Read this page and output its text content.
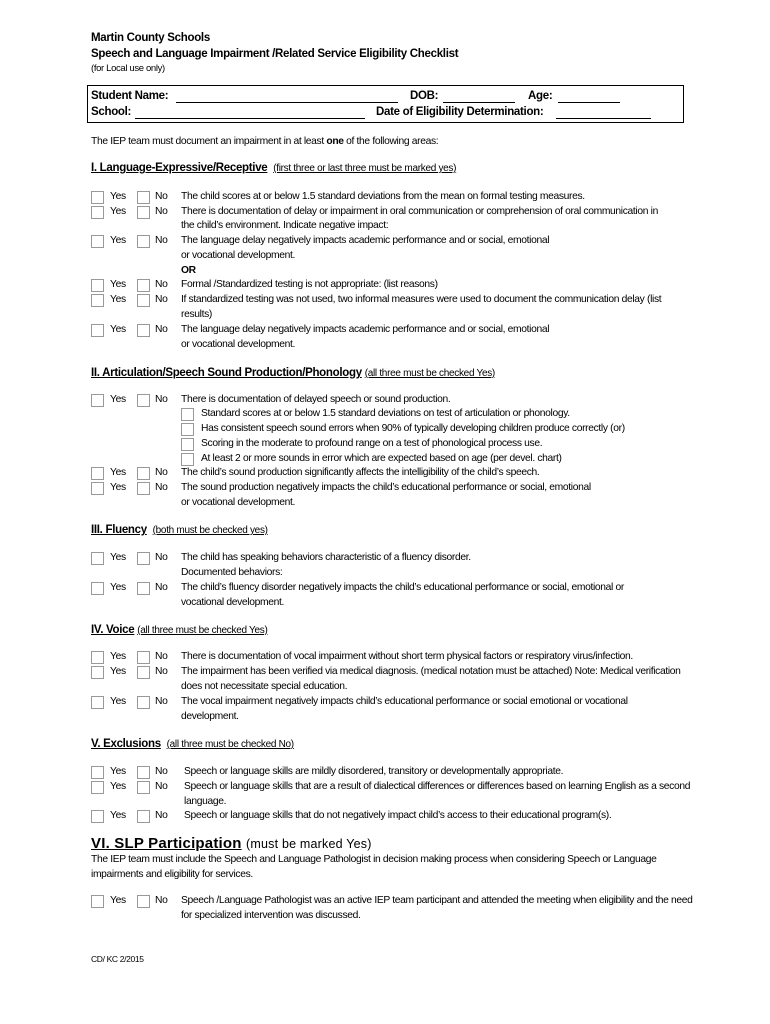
Martin County Schools
Speech and Language Impairment /Related Service Eligibility Checklist
(for Local use only)
Student Name:	DOB:	Age:
School:	Date of Eligibility Determination:
The IEP team must document an impairment in at least one of the following areas:
I. Language-Expressive/Receptive (first three or last three must be marked yes)
Yes	No The child scores at or below 1.5 standard deviations from the mean on formal testing measures.
Yes	No There is documentation of delay or impairment in oral communication or comprehension of oral communication in
the child’s environment. Indicate negative impact:
Yes	No The language delay negatively impacts academic performance and or social, emotional
or vocational development.
OR
Yes	No Formal /Standardized testing is not appropriate: (list reasons)
Yes	No If standardized testing was not used, two informal measures were used to document the communication delay (list
results)
Yes	No The language delay negatively impacts academic performance and or social, emotional
or vocational development.
II. Articulation/Speech Sound Production/Phonology (all three must be checked Yes)
Yes	No There is documentation of delayed speech or sound production.
Standard scores at or below 1.5 standard deviations on test of articulation or phonology.
Has consistent speech sound errors when 90% of typically developing children produce correctly (or)
Scoring in the moderate to profound range on a test of phonological process use.
At least 2 or more sounds in error which are expected based on age (per devel. chart)
Yes	No The child’s sound production significantly affects the intelligibility of the child’s speech.
Yes	No The sound production negatively impacts the child’s educational performance or social, emotional
or vocational development.
III. Fluency (both must be checked yes)
Yes	No The child has speaking behaviors characteristic of a fluency disorder.
Documented behaviors:
Yes	No The child’s fluency disorder negatively impacts the child’s educational performance or social, emotional or
vocational development.
IV. Voice (all three must be checked Yes)
Yes	No There is documentation of vocal impairment without short term physical factors or respiratory virus/infection.
Yes	No The impairment has been verified via medical diagnosis. (medical notation must be attached) Note: Medical verification
does not necessitate special education.
Yes	No The vocal impairment negatively impacts child’s educational performance or social emotional or vocational
development.
V. Exclusions (all three must be checked No)
Yes	No Speech or language skills are mildly disordered, transitory or developmentally appropriate.
Yes	No Speech or language skills that are a result of dialectical differences or differences based on learning English as a second
language.
Yes	No Speech or language skills that do not negatively impact child’s access to their educational program(s).
VI. SLP Participation (must be marked Yes)
The IEP team must include the Speech and Language Pathologist in decision making process when considering Speech or Language
impairments and eligibility for services.
Yes	No Speech /Language Pathologist was an active IEP team participant and attended the meeting when eligibility and the need
for specialized intervention was discussed.
CD/ KC 2/2015
